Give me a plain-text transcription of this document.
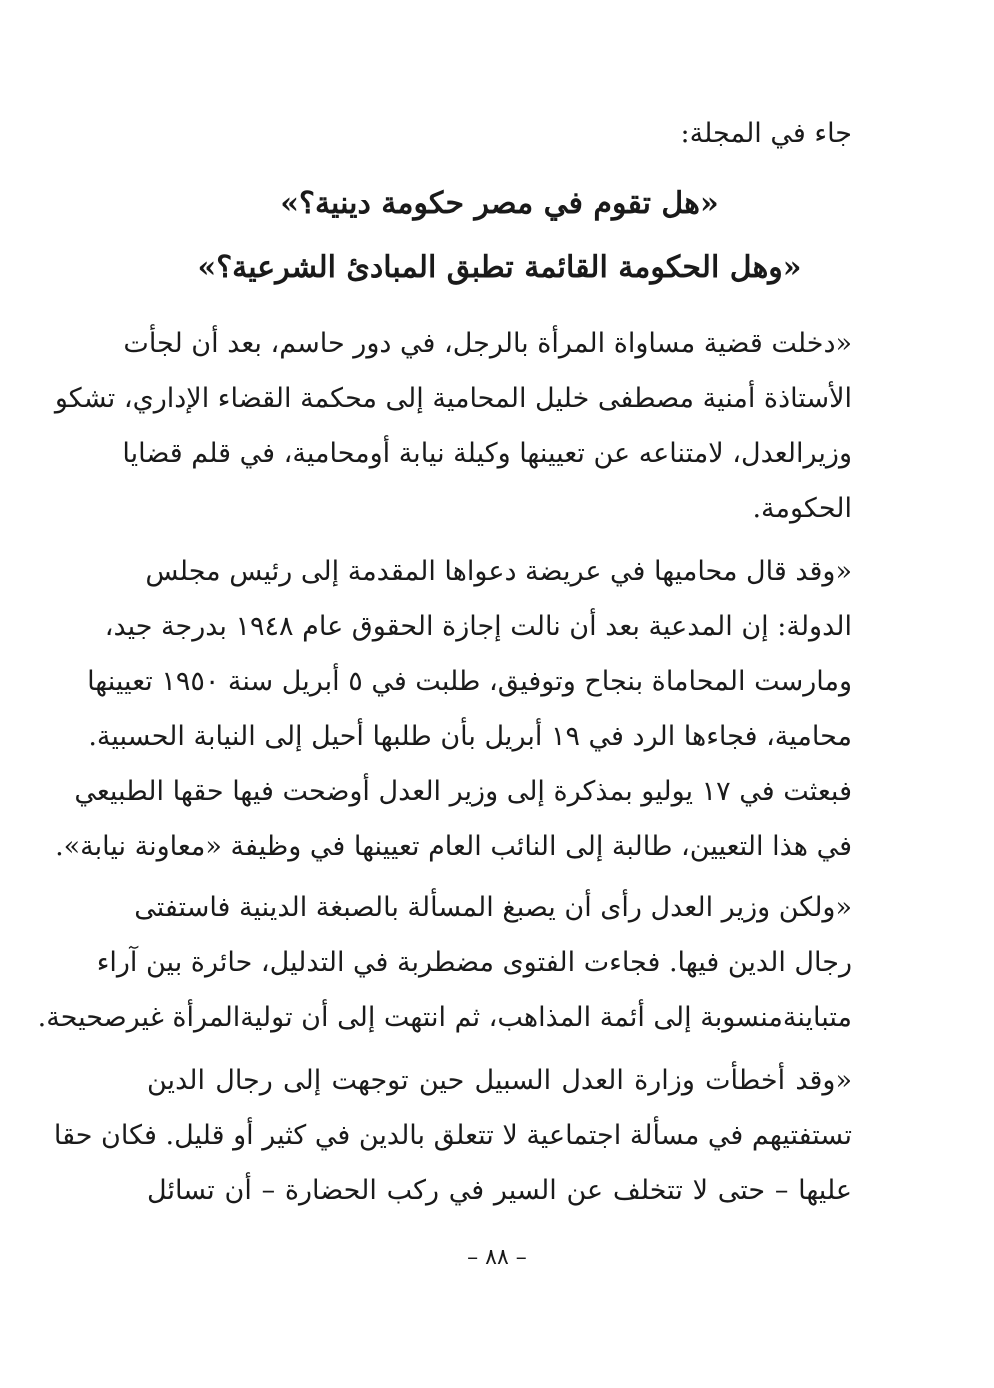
جاء في المجلة:
«هل تقوم في مصر حكومة دينية؟»
«وهل الحكومة القائمة تطبق المبادئ الشرعية؟»
«دخلت قضية مساواة المرأة بالرجل، في دور حاسم، بعد أن لجأت
الأستاذة أمنية مصطفى خليل المحامية إلى محكمة القضاء الإداري، تشكو
وزيرالعدل، لامتناعه عن تعيينها وكيلة نيابة أومحامية، في قلم قضايا
الحكومة.
«وقد قال محاميها في عريضة دعواها المقدمة إلى رئيس مجلس
الدولة: إن المدعية بعد أن نالت إجازة الحقوق عام ١٩٤٨ بدرجة جيد،
ومارست المحاماة بنجاح وتوفيق، طلبت في ٥ أبريل سنة ١٩٥٠ تعيينها
محامية، فجاءها الرد في ١٩ أبريل بأن طلبها أحيل إلى النيابة الحسبية.
فبعثت في ١٧ يوليو بمذكرة إلى وزير العدل أوضحت فيها حقها الطبيعي
في هذا التعيين، طالبة إلى النائب العام تعيينها في وظيفة «معاونة نيابة».
«ولكن وزير العدل رأى أن يصبغ المسألة بالصبغة الدينية فاستفتى
رجال الدين فيها. فجاءت الفتوى مضطربة في التدليل، حائرة بين آراء
متباينةمنسوبة إلى أئمة المذاهب، ثم انتهت إلى أن توليةالمرأة غيرصحيحة.
«وقد أخطأت وزارة العدل السبيل حين توجهت إلى رجال الدين
تستفتيهم في مسألة اجتماعية لا تتعلق بالدين في كثير أو قليل. فكان حقا
عليها – حتى لا تتخلف عن السير في ركب الحضارة – أن تسائل
– ٨٨ –
